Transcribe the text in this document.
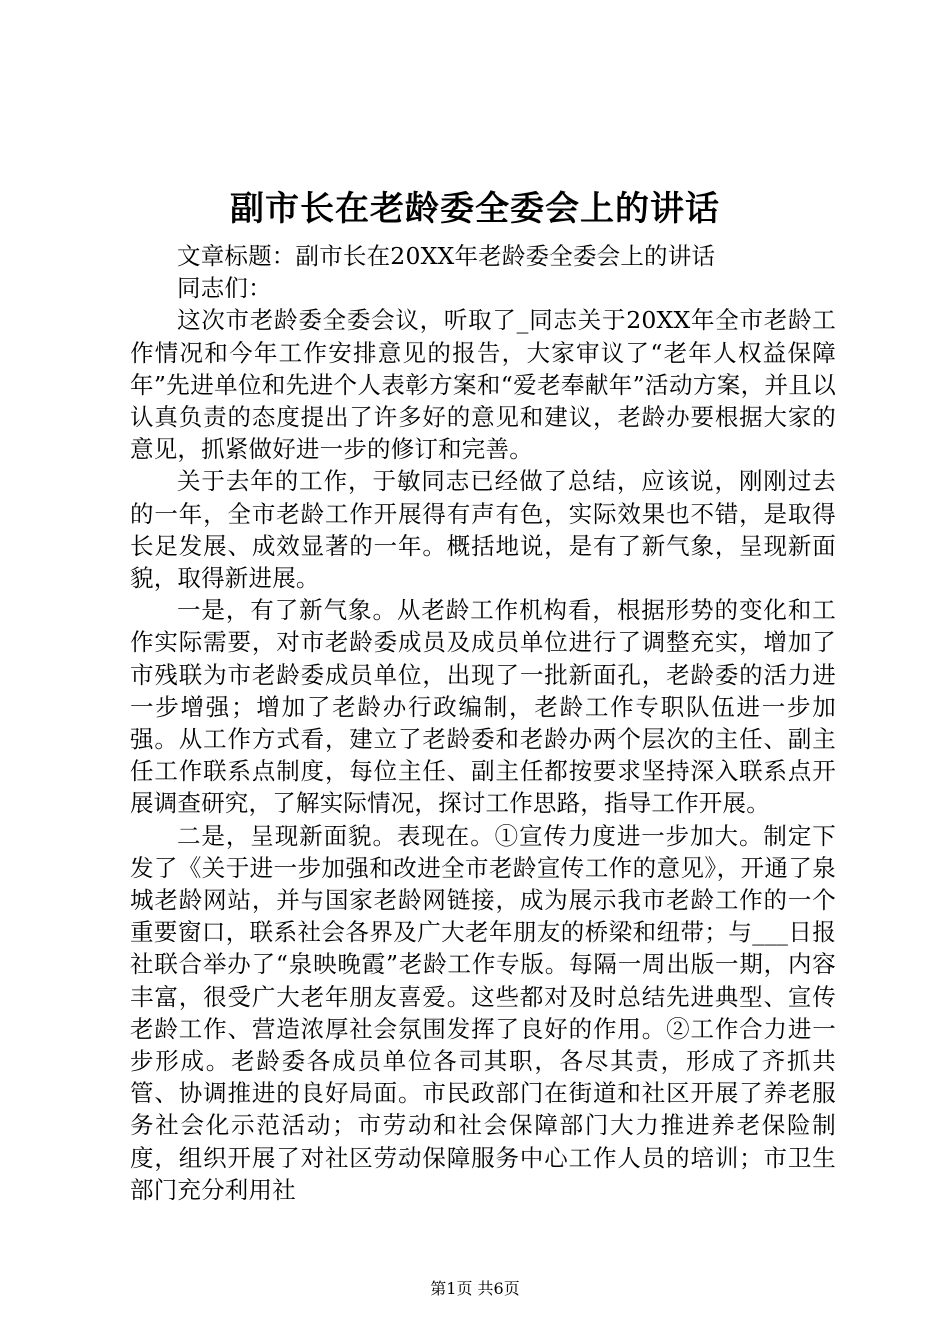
副市长在老龄委全委会上的讲话

文章标题：副市长在20XX年老龄委全委会上的讲话

同志们：

这次市老龄委全委会议，听取了_同志关于20XX年全市老龄工作情况和今年工作安排意见的报告，大家审议了“老年人权益保障年”先进单位和先进个人表彰方案和“爱老奉献年”活动方案，并且以认真负责的态度提出了许多好的意见和建议，老龄办要根据大家的意见，抓紧做好进一步的修订和完善。

关于去年的工作，于敏同志已经做了总结，应该说，刚刚过去的一年，全市老龄工作开展得有声有色，实际效果也不错，是取得长足发展、成效显著的一年。概括地说，是有了新气象，呈现新面貌，取得新进展。

一是，有了新气象。从老龄工作机构看，根据形势的变化和工作实际需要，对市老龄委成员及成员单位进行了调整充实，增加了市残联为市老龄委成员单位，出现了一批新面孔，老龄委的活力进一步增强；增加了老龄办行政编制，老龄工作专职队伍进一步加强。从工作方式看，建立了老龄委和老龄办两个层次的主任、副主任工作联系点制度，每位主任、副主任都按要求坚持深入联系点开展调查研究，了解实际情况，探讨工作思路，指导工作开展。

二是，呈现新面貌。表现在。①宣传力度进一步加大。制定下发了《关于进一步加强和改进全市老龄宣传工作的意见》，开通了泉城老龄网站，并与国家老龄网链接，成为展示我市老龄工作的一个重要窗口，联系社会各界及广大老年朋友的桥梁和纽带；与___日报社联合举办了“泉映晚霞”老龄工作专版。每隔一周出版一期，内容丰富，很受广大老年朋友喜爱。这些都对及时总结先进典型、宣传老龄工作、营造浓厚社会氛围发挥了良好的作用。②工作合力进一步形成。老龄委各成员单位各司其职，各尽其责，形成了齐抓共管、协调推进的良好局面。市民政部门在街道和社区开展了养老服务社会化示范活动；市劳动和社会保障部门大力推进养老保险制度，组织开展了对社区劳动保障服务中心工作人员的培训；市卫生部门充分利用社

第1页 共6页
